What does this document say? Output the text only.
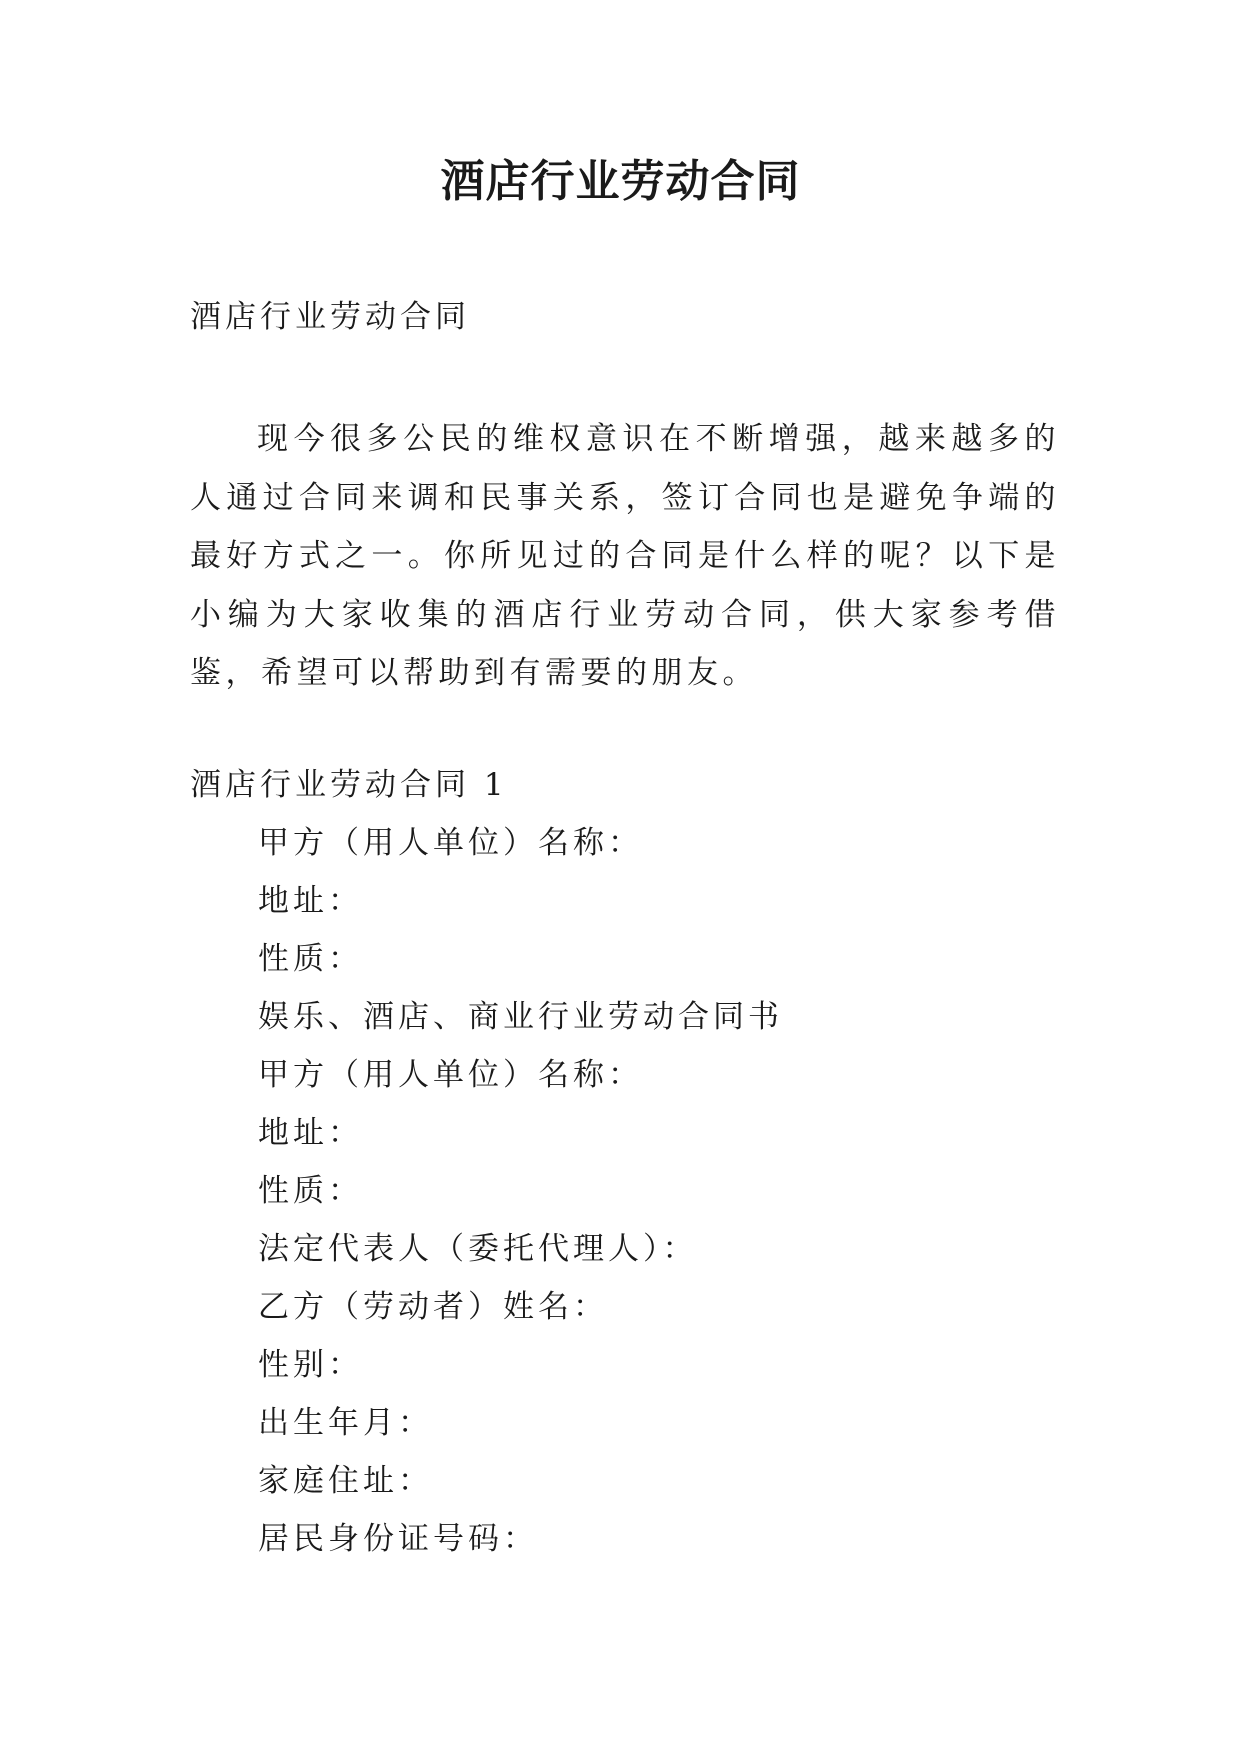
酒店行业劳动合同
酒店行业劳动合同
现今很多公民的维权意识在不断增强，越来越多的人通过合同来调和民事关系，签订合同也是避免争端的最好方式之一。你所见过的合同是什么样的呢？以下是小编为大家收集的酒店行业劳动合同，供大家参考借鉴，希望可以帮助到有需要的朋友。
酒店行业劳动合同 1
甲方（用人单位）名称：
地址：
性质：
娱乐、酒店、商业行业劳动合同书
甲方（用人单位）名称：
地址：
性质：
法定代表人（委托代理人）：
乙方（劳动者）姓名：
性别：
出生年月：
家庭住址：
居民身份证号码：
